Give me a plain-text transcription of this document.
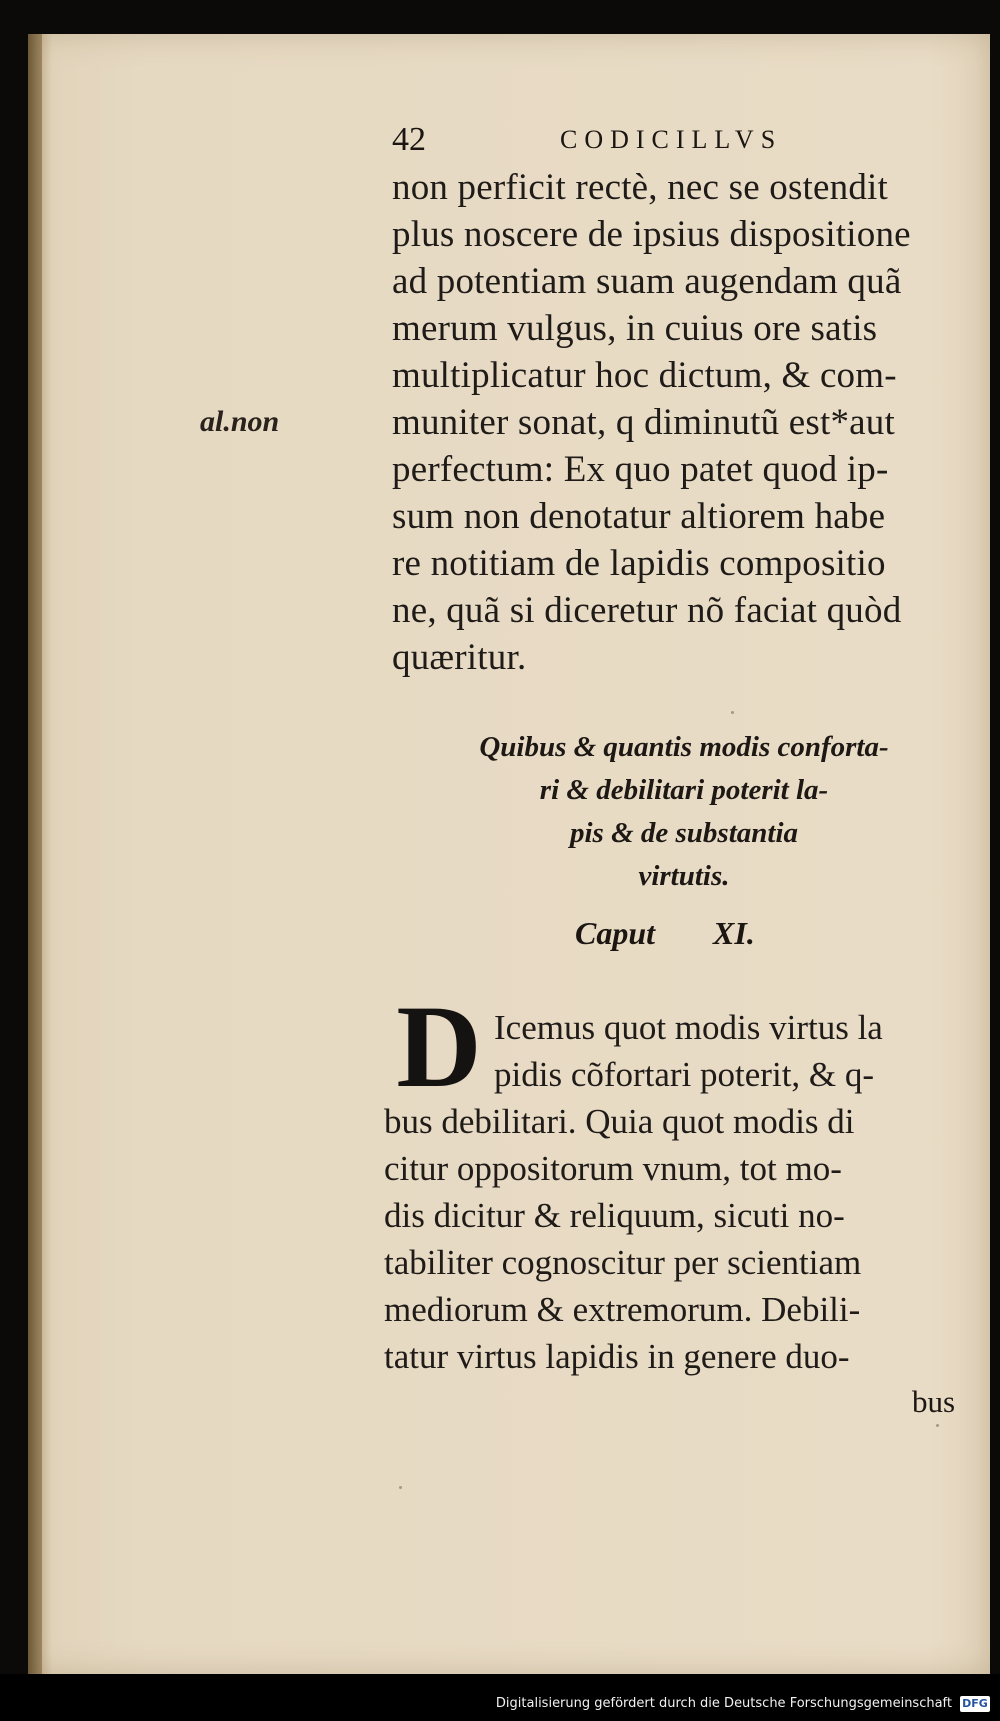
42	CODICILLVS
al.non
non perficit rectè, nec se ostendit
plus noscere de ipsius dispositione
ad potentiam suam augendam quã
merum vulgus, in cuius ore satis
multiplicatur hoc dictum, & com-
muniter sonat, q diminutũ est*aut
perfectum: Ex quo patet quod ip-
sum non denotatur altiorem habe
re notitiam de lapidis compositio
ne, quã si diceretur nõ faciat quòd
quæritur.
Quibus & quantis modis conforta-
ri & debilitari poterit la-
pis & de substantia
virtutis.
Caput XI.
D Icemus quot modis virtus la
pidis cõfortari poterit, & q-
bus debilitari. Quia quot modis di
citur oppositorum vnum, tot mo-
dis dicitur & reliquum, sicuti no-
tabiliter cognoscitur per scientiam
mediorum & extremorum. Debili-
tatur virtus lapidis in genere duo-
bus
Digitalisierung gefördert durch die Deutsche Forschungsgemeinschaft DFG
